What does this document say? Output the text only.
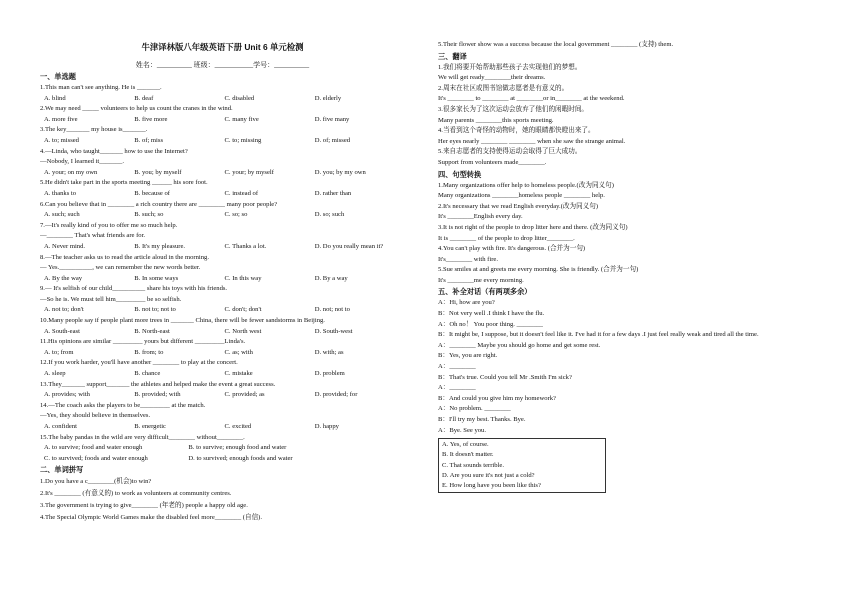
牛津译林版八年级英语下册 Unit 6 单元检测
姓名：__________ 班级：___________学号：__________
一、单选题
1.This man can't see anything. He is _______.
A. blind	B. deaf	C. disabled	D. elderly
2.We may need _____ volunteers to help us count the cranes in the wind.
A. more five	B. five more	C. many five	D. five many
3.The key_______ my house is_______.
A. to; missed	B. of; miss	C. to; missing	D. of; missed
4.—Linda, who taught_______ how to use the Internet?
—Nobody, I learned it_______.
A. your; on my own	B. you; by myself	C. your; by myself	D. you; by my own
5.He didn't take part in the sports meeting ______ his sore foot.
A. thanks to	B. because of	C. instead of	D. rather than
6.Can you believe that in ________ a rich country there are ________ many poor people?
A. such; such	B. such; so	C. so; so	D. so; such
7.—It's really kind of you to offer me so much help.
—________ That's what friends are for.
A. Never mind.	B. It's my pleasure.	C. Thanks a lot.	D. Do you really mean it?
8.—The teacher asks us to read the article aloud in the morning.
— Yes.__________, we can remember the new words better.
A. By the way	B. In some ways	C. In this way	D. By a way
9.— It's selfish of our child__________ share his toys with his friends.
—So he is. We must tell him_________ be so selfish.
A. not to; don't	B. not to; not to	C. don't; don't	D. not; not to
10.Many people say if people plant more trees in _______ China, there will be fewer sandstorms in Beijing.
A. South-east	B. North-east	C. North west	D. South-west
11.His opinions are similar _________ yours but different _________Linda's.
A. to; from	B. from; to	C. as; with	D. with; as
12.If you work harder, you'll have another ________ to play at the concert.
A. sleep	B. chance	C. mistake	D. problem
13.They_______ support_______ the athletes and helped make the event a great success.
A. provides; with	B. provided; with	C. provided; as	D. provided; for
14.—The coach asks the players to be_________ at the match.
—Yes, they should believe in themselves.
A. confident	B. energetic	C. excited	D. happy
15.The baby pandas in the wild are very difficult________ without________.
A. to survive; food and water enough	B. to survive; enough food and water
C. to survived; foods and water enough	D. to survived; enough foods and water
二、单词拼写
1.Do you have a c________(机会)to win?
2.It's ________ (有意义的) to work as volunteers at community centres.
3.The government is trying to give________ (年老的) people a happy old age.
4.The Special Olympic World Games make the disabled feel more________ (自信).
5.Their flower show was a success because the local government ________ (支持) them.
三、翻译
1.我们将要开始帮助那些孩子去实现他们的梦想。
We will get ready________their dreams.
2.周末在社区或图书馆做志愿者是有意义的。
It's ________ to ________ at ________or in________ at the weekend.
3.很多家长为了这次运动会放弃了他们的闲暇时间。
Many parents ________this sports meeting.
4.当看到这个奇怪的动物时，她的眼睛都快瞪出来了。
Her eyes nearly ________ ________ when she saw the strange animal.
5.来自志愿者的支持使得运动会取得了巨大成功。
Support from volunteers made________.
四、句型转换
1.Many organizations offer help to homeless people.(改为同义句)
Many organizations ________homeless people ________ help.
2.It's necessary that we read English everyday.(改为同义句)
It's ________English every day.
3.It is not right of the people to drop litter here and there. (改为同义句)
It is ________ of the people to drop litter________.
4.You can't play with fire. It's dangerous. (合并为一句)
It's________ with fire.
5.Sue smiles at and greets me every morning. She is friendly. (合并为一句)
It's ________me every morning.
五、补全对话（有两项多余）
A：Hi, how are you?
B：Not very well .I think I have the flu.
A：Oh no！ You poor thing. ________
B：It might be, I suppose, but it doesn't feel like it. I've had it for a few days .I just feel really weak and tired all the time.
A：________ Maybe you should go home and get some rest.
B：Yes, you are right.
A：________
B：That's true. Could you tell Mr .Smith I'm sick?
A：________
B：And could you give him my homework?
A：No problem. ________
B：I'll try my best. Thanks. Bye.
A：Bye. See you.
A. Yes, of course.
B. It doesn't matter.
C. That sounds terrible.
D. Are you sure it's not just a cold?
E. How long have you been like this?
